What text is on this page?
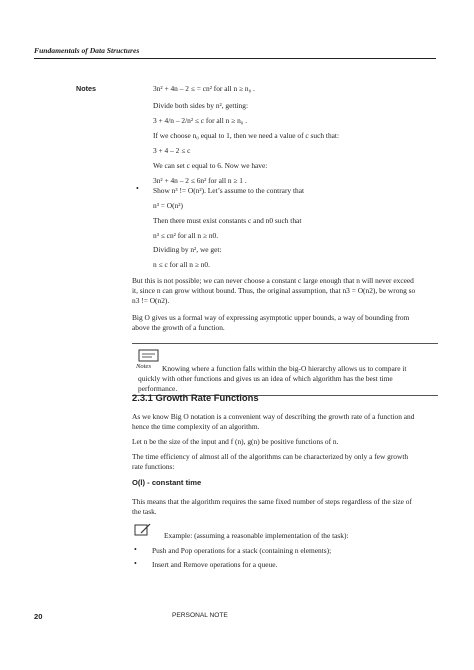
Fundamentals of Data Structures
Notes	3n² + 4n – 2 ≤ = cn² for all n ≥ n₀ .
Divide both sides by n², getting:
3 + 4/n – 2/n² ≤ c for all n ≥ n₀ .
If we choose n₀ equal to 1, then we need a value of c such that:
3 + 4 – 2 ≤ c
We can set c equal to 6. Now we have:
3n² + 4n – 2 ≤ 6n² for all n ≥ 1 .
• Show n³ != O(n²). Let’s assume to the contrary that
n³ = O(n²)
Then there must exist constants c and n0 such that
n³ ≤ cn² for all n ≥ n0.
Dividing by n², we get:
n ≤ c for all n ≥ n0.
But this is not possible; we can never choose a constant c large enough that n will never exceed
it, since n can grow without bound. Thus, the original assumption, that n3 = O(n2), be wrong so
n3 != O(n2).
Big O gives us a formal way of expressing asymptotic upper bounds, a way of bounding from
above the growth of a function.
Notes Knowing where a function falls within the big-O hierarchy allows us to compare it
quickly with other functions and gives us an idea of which algorithm has the best time
performance.
2.3.1 Growth Rate Functions
As we know Big O notation is a convenient way of describing the growth rate of a function and
hence the time complexity of an algorithm.
Let n be the size of the input and f (n), g(n) be positive functions of n.
The time efficiency of almost all of the algorithms can be characterized by only a few growth
rate functions:
O(l) - constant time
This means that the algorithm requires the same fixed number of steps regardless of the size of
the task.
Example: (assuming a reasonable implementation of the task):
• Push and Pop operations for a stack (containing n elements);
• Insert and Remove operations for a queue.
20	PERSONAL NOTE
